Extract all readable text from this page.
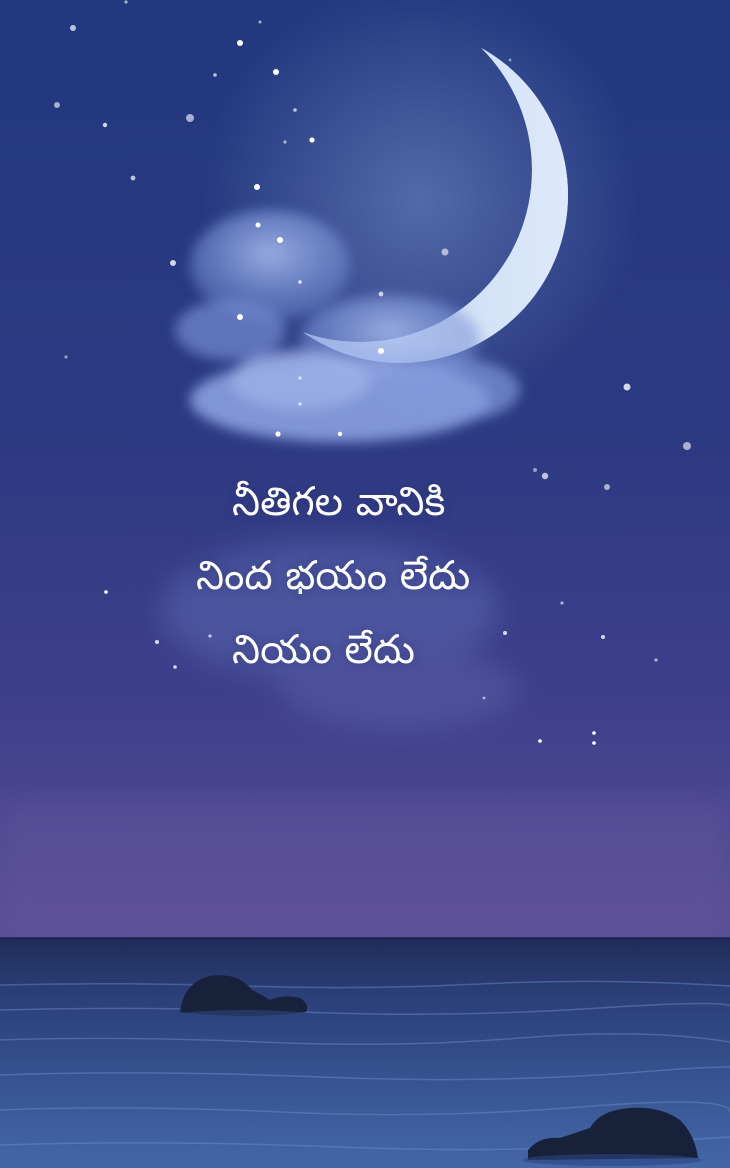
నీతిగల వానికి
నింద భయం లేదు
నియం లేదు
